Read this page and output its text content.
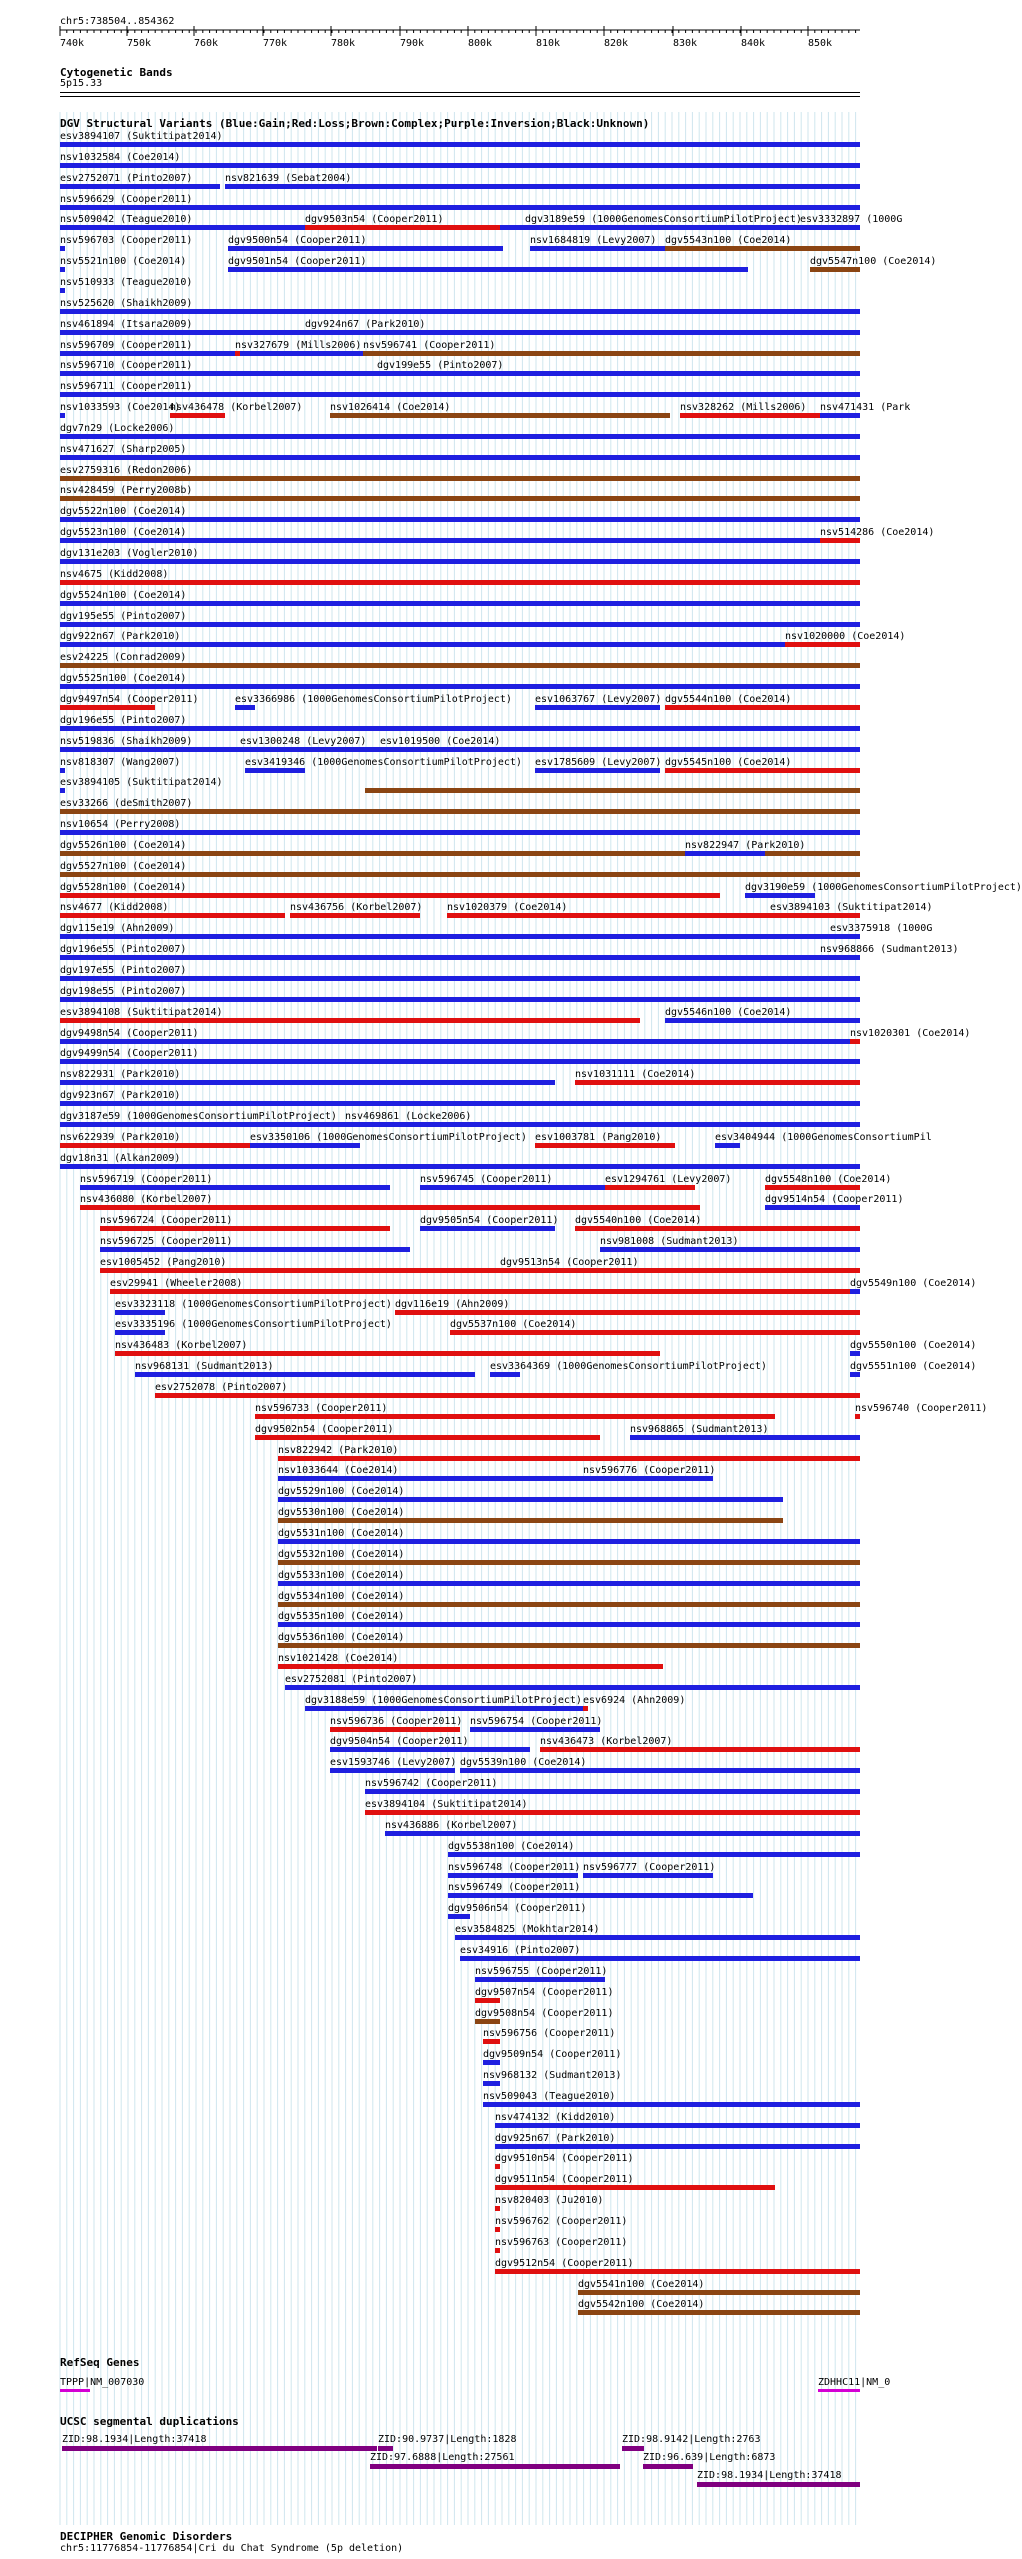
chr5:738504..854362
740k	750k	760k	770k	780k	790k	800k	810k	820k	830k	840k	850k
Cytogenetic Bands
5p15.33
DGV Structural Variants (Blue:Gain;Red:Loss;Brown:Complex;Purple:Inversion;Black:Unknown)
esv3894107 (Suktitipat2014)
nsv1032584 (Coe2014)
esv2752071 (Pinto2007)	nsv821639 (Sebat2004)
nsv596629 (Cooper2011)
nsv509042 (Teague2010)	dgv9503n54 (Cooper2011)	dgv3189e59 (1000GenomesConsortiumPilotProject)
esv3332897 (1000G
nsv596703 (Cooper2011)	dgv9500n54 (Cooper2011)	nsv1684819 (Levy2007) dgv5543n100 (Coe2014)
nsv5521n100 (Coe2014)	dgv9501n54 (Cooper2011)	dgv5547n100 (Coe2014)
nsv510933 (Teague2010)
nsv525620 (Shaikh2009)
nsv461894 (Itsara2009)	dgv924n67 (Park2010)
nsv596709 (Cooper2011)	nsv327679 (Mills2006) nsv596741 (Cooper2011)
nsv596710 (Cooper2011)	dgv199e55 (Pinto2007)
nsv596711 (Cooper2011)
nsv1033593 (Coe2014)
nsv436478 (Korbel2007)	nsv1026414 (Coe2014)	nsv328262 (Mills2006) nsv471431 (Park
dgv7n29 (Locke2006)
nsv471627 (Sharp2005)
esv2759316 (Redon2006)
nsv428459 (Perry2008b)
dgv5522n100 (Coe2014)
dgv5523n100 (Coe2014)	nsv514286 (Coe2014)
dgv131e203 (Vogler2010)
nsv4675 (Kidd2008)
dgv5524n100 (Coe2014)
dgv195e55 (Pinto2007)
dgv922n67 (Park2010)	nsv1020000 (Coe2014)
esv24225 (Conrad2009)
dgv5525n100 (Coe2014)
dgv9497n54 (Cooper2011)	esv3366986 (1000GenomesConsortiumPilotProject) esv1063767 (Levy2007) dgv5544n100 (Coe2014)
dgv196e55 (Pinto2007)
nsv519836 (Shaikh2009)	esv1300248 (Levy2007) esv1019500 (Coe2014)
nsv818307 (Wang2007)	esv3419346 (1000GenomesConsortiumPilotProject) esv1785609 (Levy2007) dgv5545n100 (Coe2014)
esv3894105 (Suktitipat2014)
esv33266 (deSmith2007)
nsv10654 (Perry2008)
dgv5526n100 (Coe2014)	nsv822947 (Park2010)
dgv5527n100 (Coe2014)
dgv5528n100 (Coe2014)	dgv3190e59 (1000GenomesConsortiumPilotProject)
nsv4677 (Kidd2008)	nsv436756 (Korbel2007) nsv1020379 (Coe2014)	esv3894103 (Suktitipat2014)
dgv115e19 (Ahn2009)	esv3375918 (1000G
dgv196e55 (Pinto2007)	nsv968866 (Sudmant2013)
dgv197e55 (Pinto2007)
dgv198e55 (Pinto2007)
esv3894108 (Suktitipat2014)	dgv5546n100 (Coe2014)
dgv9498n54 (Cooper2011)	nsv1020301 (Coe2014)
dgv9499n54 (Cooper2011)
nsv822931 (Park2010)	nsv1031111 (Coe2014)
dgv923n67 (Park2010)
dgv3187e59 (1000GenomesConsortiumPilotProject) nsv469861 (Locke2006)
nsv622939 (Park2010)	esv3350106 (1000GenomesConsortiumPilotProject) esv1003781 (Pang2010)	esv3404944 (1000GenomesConsortiumPil
dgv18n31 (Alkan2009)
nsv596719 (Cooper2011)	nsv596745 (Cooper2011)	esv1294761 (Levy2007)	dgv5548n100 (Coe2014)
nsv436080 (Korbel2007)	dgv9514n54 (Cooper2011)
nsv596724 (Cooper2011)	dgv9505n54 (Cooper2011) dgv5540n100 (Coe2014)
nsv596725 (Cooper2011)	nsv981008 (Sudmant2013)
esv1005452 (Pang2010)	dgv9513n54 (Cooper2011)
esv29941 (Wheeler2008)	dgv5549n100 (Coe2014)
esv3323118 (1000GenomesConsortiumPilotProject) dgv116e19 (Ahn2009)
esv3335196 (1000GenomesConsortiumPilotProject)	dgv5537n100 (Coe2014)
nsv436483 (Korbel2007)	dgv5550n100 (Coe2014)
nsv968131 (Sudmant2013)	esv3364369 (1000GenomesConsortiumPilotProject)	dgv5551n100 (Coe2014)
esv2752078 (Pinto2007)
nsv596733 (Cooper2011)	nsv596740 (Cooper2011)
dgv9502n54 (Cooper2011)	nsv968865 (Sudmant2013)
nsv822942 (Park2010)
nsv1033644 (Coe2014)	nsv596776 (Cooper2011)
dgv5529n100 (Coe2014)
dgv5530n100 (Coe2014)
dgv5531n100 (Coe2014)
dgv5532n100 (Coe2014)
dgv5533n100 (Coe2014)
dgv5534n100 (Coe2014)
dgv5535n100 (Coe2014)
dgv5536n100 (Coe2014)
nsv1021428 (Coe2014)
esv2752081 (Pinto2007)
dgv3188e59 (1000GenomesConsortiumPilotProject) esv6924 (Ahn2009)
nsv596736 (Cooper2011) nsv596754 (Cooper2011)
dgv9504n54 (Cooper2011)	nsv436473 (Korbel2007)
esv1593746 (Levy2007) dgv5539n100 (Coe2014)
nsv596742 (Cooper2011)
esv3894104 (Suktitipat2014)
nsv436886 (Korbel2007)
dgv5538n100 (Coe2014)
nsv596748 (Cooper2011) nsv596777 (Cooper2011)
nsv596749 (Cooper2011)
dgv9506n54 (Cooper2011)
esv3584825 (Mokhtar2014)
esv34916 (Pinto2007)
nsv596755 (Cooper2011)
dgv9507n54 (Cooper2011)
dgv9508n54 (Cooper2011)
nsv596756 (Cooper2011)
dgv9509n54 (Cooper2011)
nsv968132 (Sudmant2013)
nsv509043 (Teague2010)
nsv474132 (Kidd2010)
dgv925n67 (Park2010)
dgv9510n54 (Cooper2011)
dgv9511n54 (Cooper2011)
nsv820403 (Ju2010)
nsv596762 (Cooper2011)
nsv596763 (Cooper2011)
dgv9512n54 (Cooper2011)
dgv5541n100 (Coe2014)
dgv5542n100 (Coe2014)
TPPP|NM_007030	ZDHHC11|NM_0
ZID:98.1934|Length:37418	ZID:90.9737|Length:1828	ZID:98.9142|Length:2763
ZID:97.6888|Length:27561	ZID:96.639|Length:6873
ZID:98.1934|Length:37418
RefSeq Genes
UCSC segmental duplications
DECIPHER Genomic Disorders
chr5:11776854-11776854|Cri du Chat Syndrome (5p deletion)
